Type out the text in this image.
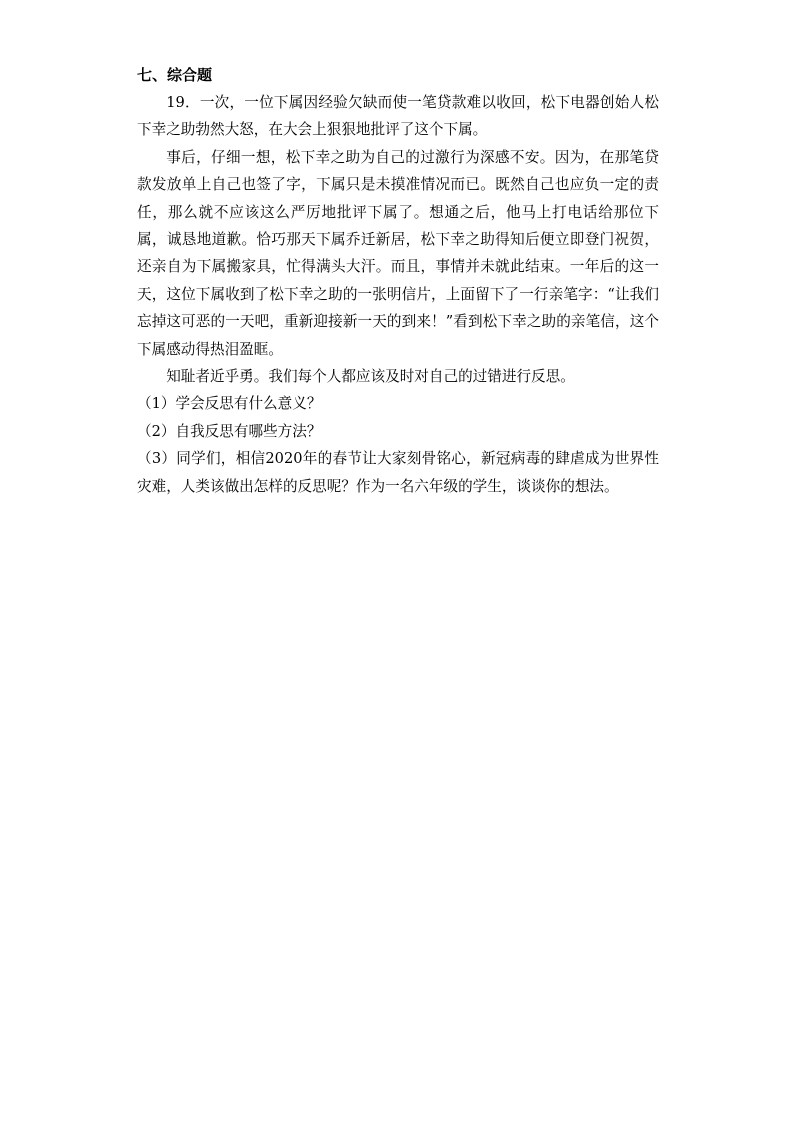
七、综合题

19．一次，一位下属因经验欠缺而使一笔贷款难以收回，松下电器创始人松下幸之助勃然大怒，在大会上狠狠地批评了这个下属。

事后，仔细一想，松下幸之助为自己的过激行为深感不安。因为，在那笔贷款发放单上自己也签了字，下属只是未摸准情况而已。既然自己也应负一定的责任，那么就不应该这么严厉地批评下属了。想通之后，他马上打电话给那位下属，诚恳地道歉。恰巧那天下属乔迁新居，松下幸之助得知后便立即登门祝贺，还亲自为下属搬家具，忙得满头大汗。而且，事情并未就此结束。一年后的这一天，这位下属收到了松下幸之助的一张明信片，上面留下了一行亲笔字：“让我们忘掉这可恶的一天吧，重新迎接新一天的到来！”看到松下幸之助的亲笔信，这个下属感动得热泪盈眶。

知耻者近乎勇。我们每个人都应该及时对自己的过错进行反思。

（1）学会反思有什么意义？

（2）自我反思有哪些方法？

（3）同学们，相信2020年的春节让大家刻骨铭心，新冠病毒的肆虐成为世界性灾难，人类该做出怎样的反思呢？作为一名六年级的学生，谈谈你的想法。
